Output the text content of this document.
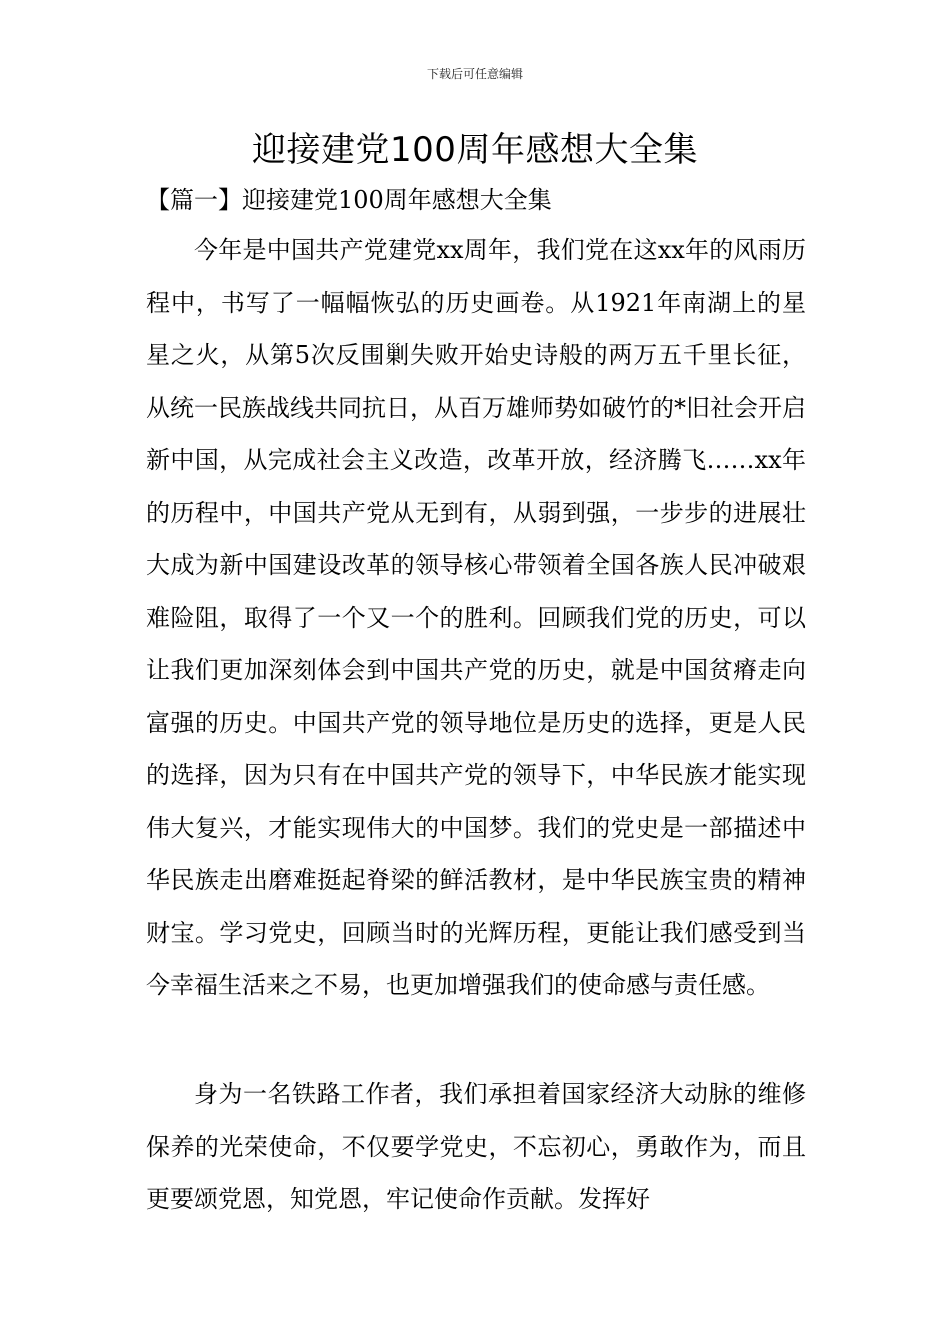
下载后可任意编辑
迎接建党100周年感想大全集
【篇一】迎接建党100周年感想大全集

今年是中国共产党建党xx周年，我们党在这xx年的风雨历程中，书写了一幅幅恢弘的历史画卷。从1921年南湖上的星星之火，从第5次反围剿失败开始史诗般的两万五千里长征，从统一民族战线共同抗日，从百万雄师势如破竹的*旧社会开启新中国，从完成社会主义改造，改革开放，经济腾飞……xx年的历程中，中国共产党从无到有，从弱到强，一步步的进展壮大成为新中国建设改革的领导核心带领着全国各族人民冲破艰难险阻，取得了一个又一个的胜利。回顾我们党的历史，可以让我们更加深刻体会到中国共产党的历史，就是中国贫瘠走向富强的历史。中国共产党的领导地位是历史的选择，更是人民的选择，因为只有在中国共产党的领导下，中华民族才能实现伟大复兴，才能实现伟大的中国梦。我们的党史是一部描述中华民族走出磨难挺起脊梁的鲜活教材，是中华民族宝贵的精神财宝。学习党史，回顾当时的光辉历程，更能让我们感受到当今幸福生活来之不易，也更加增强我们的使命感与责任感。

身为一名铁路工作者，我们承担着国家经济大动脉的维修保养的光荣使命，不仅要学党史，不忘初心，勇敢作为，而且更要颂党恩，知党恩，牢记使命作贡献。发挥好
